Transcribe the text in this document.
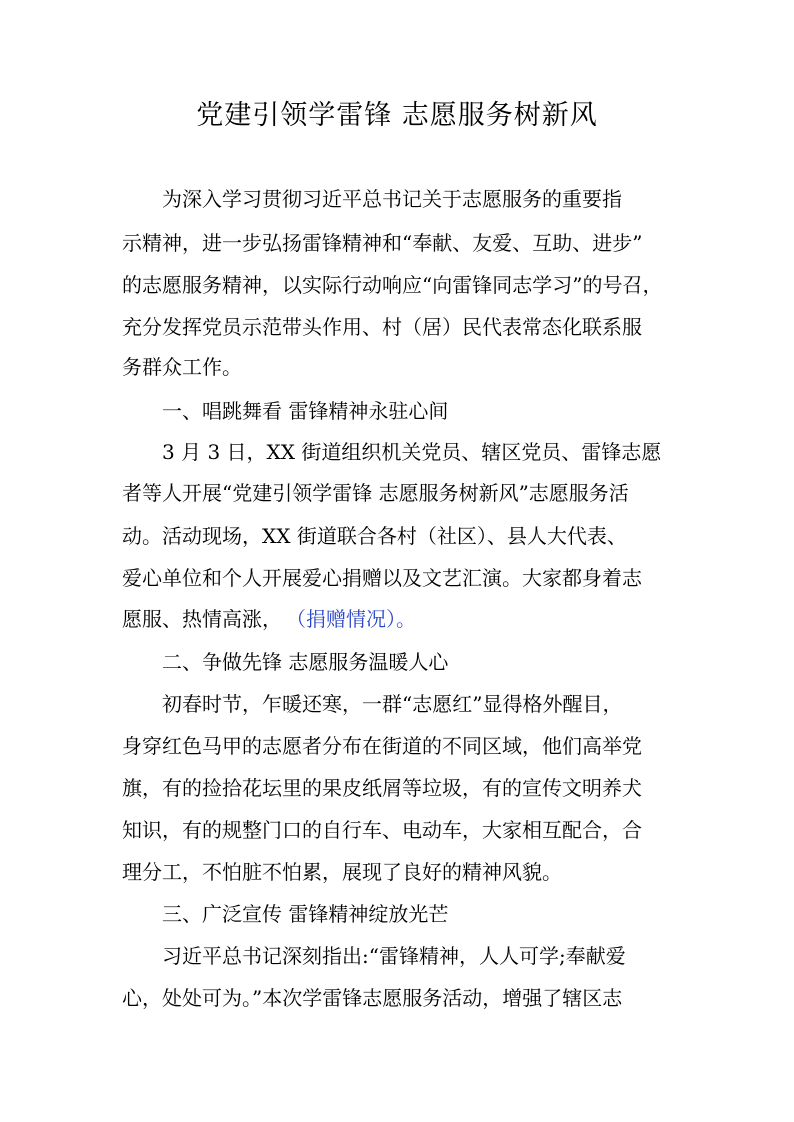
党建引领学雷锋 志愿服务树新风
为深入学习贯彻习近平总书记关于志愿服务的重要指
示精神，进一步弘扬雷锋精神和“奉献、友爱、互助、进步”
的志愿服务精神，以实际行动响应“向雷锋同志学习”的号召，
充分发挥党员示范带头作用、村（居）民代表常态化联系服
务群众工作。
一、唱跳舞看 雷锋精神永驻心间
3 月 3 日，XX 街道组织机关党员、辖区党员、雷锋志愿
者等人开展“党建引领学雷锋 志愿服务树新风”志愿服务活
动。活动现场，XX 街道联合各村（社区）、县人大代表、
爱心单位和个人开展爱心捐赠以及文艺汇演。大家都身着志
愿服、热情高涨， （捐赠情况）。
二、争做先锋 志愿服务温暖人心
初春时节，乍暖还寒，一群“志愿红”显得格外醒目，
身穿红色马甲的志愿者分布在街道的不同区域，他们高举党
旗，有的捡拾花坛里的果皮纸屑等垃圾，有的宣传文明养犬
知识，有的规整门口的自行车、电动车，大家相互配合，合
理分工，不怕脏不怕累，展现了良好的精神风貌。
三、广泛宣传 雷锋精神绽放光芒
习近平总书记深刻指出:“雷锋精神，人人可学;奉献爱
心，处处可为。”本次学雷锋志愿服务活动，增强了辖区志
